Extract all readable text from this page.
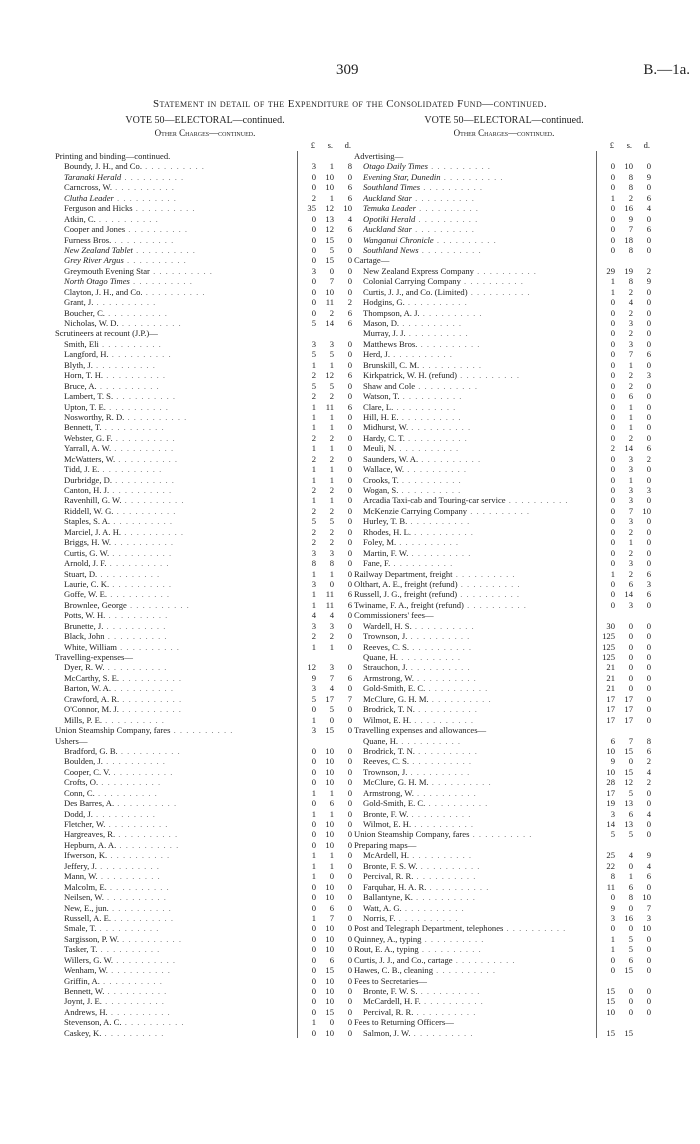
309	B.—1a.
Statement in detail of the Expenditure of the Consolidated Fund—continued.
VOTE 50—ELECTORAL—continued.
Other Charges—continued.
£	s.	d.
Printing and binding—continued.
Boundy, J. H., and Co. . . . . . . . . . .	3	1	8
Taranaki Herald . . . . . . . . . .	0	10	0
Carncross, W. . . . . . . . . . .	0	10	6
Clutha Leader . . . . . . . . . .	2	1	6
Ferguson and Hicks . . . . . . . . . .	35	12	10
Atkin, C. . . . . . . . . . .	0	13	4
Cooper and Jones . . . . . . . . . .	0	12	6
Furness Bros. . . . . . . . . . .	0	15	0
New Zealand Tablet . . . . . . . . . .	0	5	0
Grey River Argus . . . . . . . . . .	0	15	0
Greymouth Evening Star . . . . . . . . . .	3	0	0
North Otago Times . . . . . . . . . .	0	7	0
Clayton, J. H., and Co. . . . . . . . . . .	0	10	0
Grant, J. . . . . . . . . . .	0	11	2
Boucher, C. . . . . . . . . . .	0	2	6
Nicholas, W. D. . . . . . . . . . .	5	14	6
Scrutineers at recount (J.P.)—
Smith, Eli . . . . . . . . . .	3	3	0
Langford, H. . . . . . . . . . .	5	5	0
Blyth, J. . . . . . . . . . .	1	1	0
Horn, T. H. . . . . . . . . . .	2	12	6
Bruce, A. . . . . . . . . . .	5	5	0
Lambert, T. S. . . . . . . . . . .	2	2	0
Upton, T. E. . . . . . . . . . .	1	11	6
Nosworthy, R. D. . . . . . . . . . .	1	1	0
Bennett, T. . . . . . . . . . .	1	1	0
Webster, G. F. . . . . . . . . . .	2	2	0
Yarrall, A. W. . . . . . . . . . .	1	1	0
McWatters, W. . . . . . . . . . .	2	2	0
Tidd, J. E. . . . . . . . . . .	1	1	0
Durbridge, D. . . . . . . . . . .	1	1	0
Canton, H. J. . . . . . . . . . .	2	2	0
Ravenhill, G. W. . . . . . . . . . .	1	1	0
Riddell, W. G. . . . . . . . . . .	2	2	0
Staples, S. A. . . . . . . . . . .	5	5	0
Marciel, J. A. H. . . . . . . . . . .	2	2	0
Briggs, H. W. . . . . . . . . . .	2	2	0
Curtis, G. W. . . . . . . . . . .	3	3	0
Arnold, J. F. . . . . . . . . . .	8	8	0
Stuart, D. . . . . . . . . . .	1	1	0
Laurie, C. K. . . . . . . . . . .	3	0	0
Goffe, W. E. . . . . . . . . . .	1	11	6
Brownlee, George . . . . . . . . . .	1	11	6
Potts, W. H. . . . . . . . . . .	4	4	0
Brunette, J. . . . . . . . . . .	3	3	0
Black, John . . . . . . . . . .	2	2	0
White, William . . . . . . . . . .	1	1	0
Travelling-expenses—
Dyer, R. W. . . . . . . . . . .	12	3	0
McCarthy, S. E. . . . . . . . . . .	9	7	6
Barton, W. A. . . . . . . . . . .	3	4	0
Crawford, A. R. . . . . . . . . . .	5	17	7
O'Connor, M. J. . . . . . . . . . .	0	5	0
Mills, P. E. . . . . . . . . . .	1	0	0
Union Steamship Company, fares . . . . . . . . . .	3	15	0
Ushers—
Bradford, G. B. . . . . . . . . . .	0	10	0
Boulden, J. . . . . . . . . . .	0	10	0
Cooper, C. V. . . . . . . . . . .	0	10	0
Crofts, O. . . . . . . . . . .	0	10	0
Conn, C. . . . . . . . . . .	1	1	0
Des Barres, A. . . . . . . . . . .	0	6	0
Dodd, J. . . . . . . . . . .	1	1	0
Fletcher, W. . . . . . . . . . .	0	10	0
Hargreaves, R. . . . . . . . . . .	0	10	0
Hepburn, A. A. . . . . . . . . . .	0	10	0
Ifwerson, K. . . . . . . . . . .	1	1	0
Jeffery, J. . . . . . . . . . .	1	1	0
Mann, W. . . . . . . . . . .	1	0	0
Malcolm, E. . . . . . . . . . .	0	10	0
Neilsen, W. . . . . . . . . . .	0	10	0
New, E., jun. . . . . . . . . . .	0	6	0
Russell, A. E. . . . . . . . . . .	1	7	0
Smale, T. . . . . . . . . . .	0	10	0
Sargisson, P. W. . . . . . . . . . .	0	10	0
Tasker, T. . . . . . . . . . .	0	10	0
Willers, G. W. . . . . . . . . . .	0	6	0
Wenham, W. . . . . . . . . . .	0	15	0
Griffin, A. . . . . . . . . . .	0	10	0
Bennett, W. . . . . . . . . . .	0	10	0
Joynt, J. E. . . . . . . . . . .	0	10	0
Andrews, H. . . . . . . . . . .	0	15	0
Stevenson, A. C. . . . . . . . . . .	1	0	0
Caskey, K. . . . . . . . . . .	0	10	0
VOTE 50—ELECTORAL—continued.
Other Charges—continued.
£	s.	d.
Advertising—
Otago Daily Times . . . . . . . . . .	0	10	0
Evening Star, Dunedin . . . . . . . . . .	0	8	9
Southland Times . . . . . . . . . .	0	8	0
Auckland Star . . . . . . . . . .	1	2	6
Temuka Leader . . . . . . . . . .	0	16	4
Opotiki Herald . . . . . . . . . .	0	9	0
Auckland Star . . . . . . . . . .	0	7	6
Wanganui Chronicle . . . . . . . . . .	0	18	0
Southland News . . . . . . . . . .	0	8	0
Cartage—
New Zealand Express Company . . . . . . . . . .	29	19	2
Colonial Carrying Company . . . . . . . . . .	1	8	9
Curtis, J. J., and Co. (Limited) . . . . . . . . . .	1	2	0
Hodgins, G. . . . . . . . . . .	0	4	0
Thompson, A. J. . . . . . . . . . .	0	2	0
Mason, D. . . . . . . . . . .	0	3	0
Murray, J. J. . . . . . . . . . .	0	2	0
Matthews Bros. . . . . . . . . . .	0	3	0
Herd, J. . . . . . . . . . .	0	7	6
Brunskill, C. M. . . . . . . . . . .	0	1	0
Kirkpatrick, W. H. (refund) . . . . . . . . . .	0	2	3
Shaw and Cole . . . . . . . . . .	0	2	0
Watson, T. . . . . . . . . . .	0	6	0
Clare, L. . . . . . . . . . .	0	1	0
Hill, H. E. . . . . . . . . . .	0	1	0
Midhurst, W. . . . . . . . . . .	0	1	0
Hardy, C. T. . . . . . . . . . .	0	2	0
Meuli, N. . . . . . . . . . .	2	14	6
Saunders, W. A. . . . . . . . . . .	0	3	2
Wallace, W. . . . . . . . . . .	0	3	0
Crooks, T. . . . . . . . . . .	0	1	0
Wogan, S. . . . . . . . . . .	0	3	3
Arcadia Taxi-cab and Touring-car service . . . . . . . . . .	0	3	0
McKenzie Carrying Company . . . . . . . . . .	0	7	10
Hurley, T. B. . . . . . . . . . .	0	3	0
Rhodes, H. L. . . . . . . . . . .	0	2	0
Foley, M. . . . . . . . . . .	0	1	0
Martin, F. W. . . . . . . . . . .	0	2	0
Fane, F. . . . . . . . . . .	0	3	0
Railway Department, freight . . . . . . . . . .	1	2	6
Olthart, A. E., freight (refund) . . . . . . . . . .	0	6	3
Russell, J. G., freight (refund) . . . . . . . . . .	0	14	6
Twiname, F. A., freight (refund) . . . . . . . . . .	0	3	0
Commissioners' fees—
Wardell, H. S. . . . . . . . . . .	30	0	0
Trownson, J. . . . . . . . . . .	125	0	0
Reeves, C. S. . . . . . . . . . .	125	0	0
Quane, H. . . . . . . . . . .	125	0	0
Strauchon, J. . . . . . . . . . .	21	0	0
Armstrong, W. . . . . . . . . . .	21	0	0
Gold-Smith, E. C. . . . . . . . . . .	21	0	0
McClure, G. H. M. . . . . . . . . . .	17	17	0
Brodrick, T. N. . . . . . . . . . .	17	17	0
Wilmot, E. H. . . . . . . . . . .	17	17	0
Travelling expenses and allowances—
Quane, H. . . . . . . . . . .	6	7	8
Brodrick, T. N. . . . . . . . . . .	10	15	6
Reeves, C. S. . . . . . . . . . .	9	0	2
Trownson, J. . . . . . . . . . .	10	15	4
McClure, G. H. M. . . . . . . . . . .	28	12	2
Armstrong, W. . . . . . . . . . .	17	5	0
Gold-Smith, E. C. . . . . . . . . . .	19	13	0
Bronte, F. W. . . . . . . . . . .	3	6	4
Wilmot, E. H. . . . . . . . . . .	14	13	0
Union Steamship Company, fares . . . . . . . . . .	5	5	0
Preparing maps—
McArdell, H. . . . . . . . . . .	25	4	9
Bronte, F. S. W. . . . . . . . . . .	22	0	4
Percival, R. R. . . . . . . . . . .	8	1	6
Farquhar, H. A. R. . . . . . . . . . .	11	6	0
Ballantyne, K. . . . . . . . . . .	0	8	10
Watt, A. G. . . . . . . . . . .	9	0	7
Norris, F. . . . . . . . . . .	3	16	3
Post and Telegraph Department, telephones . . . . . . . . . .	0	0	10
Quinney, A., typing . . . . . . . . . .	1	5	0
Rout, E. A., typing . . . . . . . . . .	1	5	0
Curtis, J. J., and Co., cartage . . . . . . . . . .	0	6	0
Hawes, C. B., cleaning . . . . . . . . . .	0	15	0
Fees to Secretaries—
Bronte, F. W. S. . . . . . . . . . .	15	0	0
McCardell, H. F. . . . . . . . . . .	15	0	0
Percival, R. R. . . . . . . . . . .	10	0	0
Fees to Returning Officers—
Salmon, J. W. . . . . . . . . . .	15	15
